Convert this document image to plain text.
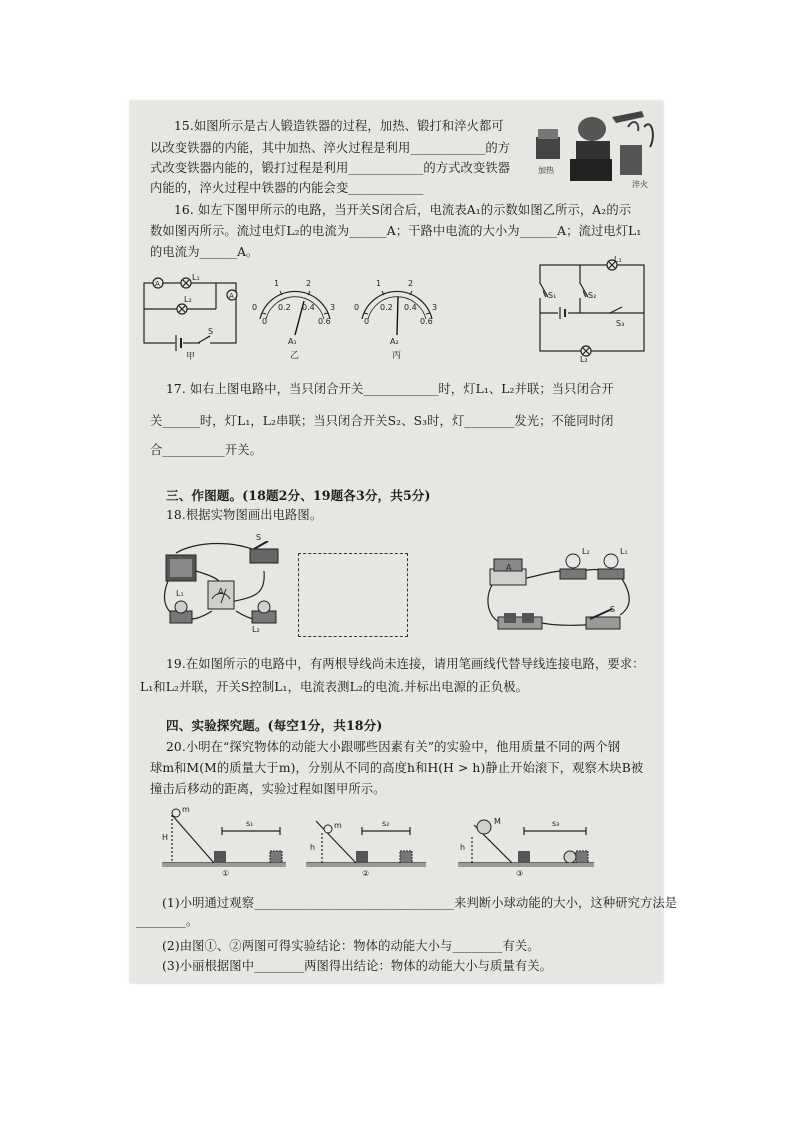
15.如图所示是古人锻造铁器的过程，加热、锻打和淬火都可
以改变铁器的内能，其中加热、淬火过程是利用____________的方
式改变铁器内能的，锻打过程是利用____________的方式改变铁器
内能的，淬火过程中铁器的内能会变____________
加热
淬火
16. 如左下图甲所示的电路，当开关S闭合后，电流表A₁的示数如图乙所示，A₂的示
数如图丙所示。流过电灯L₂的电流为______A；干路中电流的大小为______A；流过电灯L₁
的电流为______A。
A
A
L₁
L₂
S
甲
0
1	2
3
0
0.2 0.4
0.6
A₁
乙
0
1	2
3
0
0.2 0.4
0.6
A₂
丙
L₁
L₂
S₁	S₂
S₃
17. 如右上图电路中，当只闭合开关____________时，灯L₁、L₂并联；当只闭合开
关______时，灯L₁，L₂串联；当只闭合开关S₂、S₃时，灯________发光；不能同时闭
合__________开关。
三、作图题。(18题2分、19题各3分，共5分)
18.根据实物图画出电路图。
S
A
L₁
L₂
A
L₂	L₁
S
19.在如图所示的电路中，有两根导线尚未连接，请用笔画线代替导线连接电路，要求：
L₁和L₂并联，开关S控制L₁，电流表测L₂的电流.并标出电源的正负极。
四、实验探究题。(每空1分，共18分)
20.小明在“探究物体的动能大小跟哪些因素有关”的实验中，他用质量不同的两个钢
球m和M(M的质量大于m)，分别从不同的高度h和H(H > h)静止开始滚下，观察木块B被
撞击后移动的距离，实验过程如图甲所示。
m
H
s₁
①
m
h
s₂
②
M
h
s₃
③
(1)小明通过观察________________________________来判断小球动能的大小，这种研究方法是
________。
(2)由图①、②两图可得实验结论：物体的动能大小与________有关。
(3)小丽根据图中________两图得出结论：物体的动能大小与质量有关。
